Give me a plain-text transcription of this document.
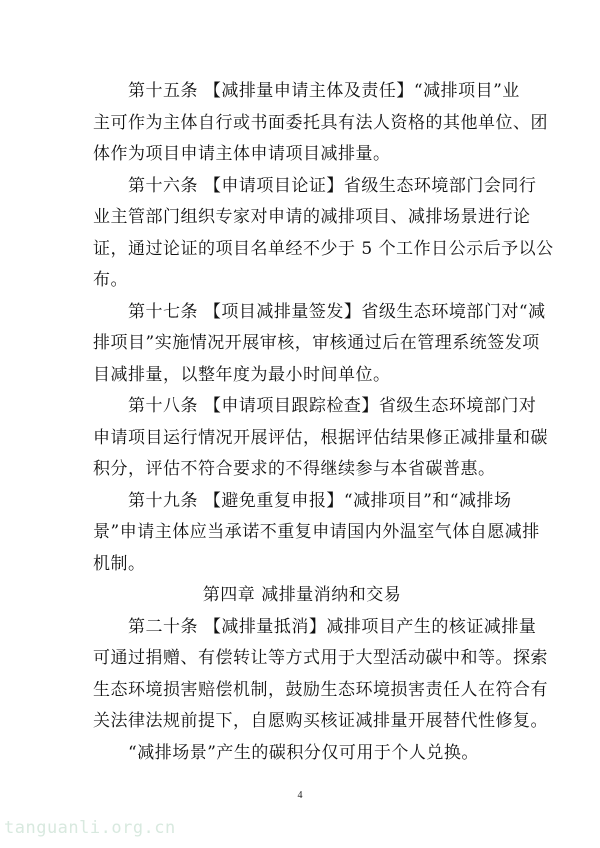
　　第十五条 【减排量申请主体及责任】“减排项目”业
主可作为主体自行或书面委托具有法人资格的其他单位、团
体作为项目申请主体申请项目减排量。
　　第十六条 【申请项目论证】省级生态环境部门会同行
业主管部门组织专家对申请的减排项目、减排场景进行论
证，通过论证的项目名单经不少于 5 个工作日公示后予以公
布。
　　第十七条 【项目减排量签发】省级生态环境部门对“减
排项目”实施情况开展审核，审核通过后在管理系统签发项
目减排量，以整年度为最小时间单位。
　　第十八条 【申请项目跟踪检查】省级生态环境部门对
申请项目运行情况开展评估，根据评估结果修正减排量和碳
积分，评估不符合要求的不得继续参与本省碳普惠。
　　第十九条 【避免重复申报】“减排项目”和“减排场
景”申请主体应当承诺不重复申请国内外温室气体自愿减排
机制。
第四章 减排量消纳和交易
　　第二十条 【减排量抵消】减排项目产生的核证减排量
可通过捐赠、有偿转让等方式用于大型活动碳中和等。探索
生态环境损害赔偿机制，鼓励生态环境损害责任人在符合有
关法律法规前提下，自愿购买核证减排量开展替代性修复。
　　“减排场景”产生的碳积分仅可用于个人兑换。
4
tanguanli.org.cn
